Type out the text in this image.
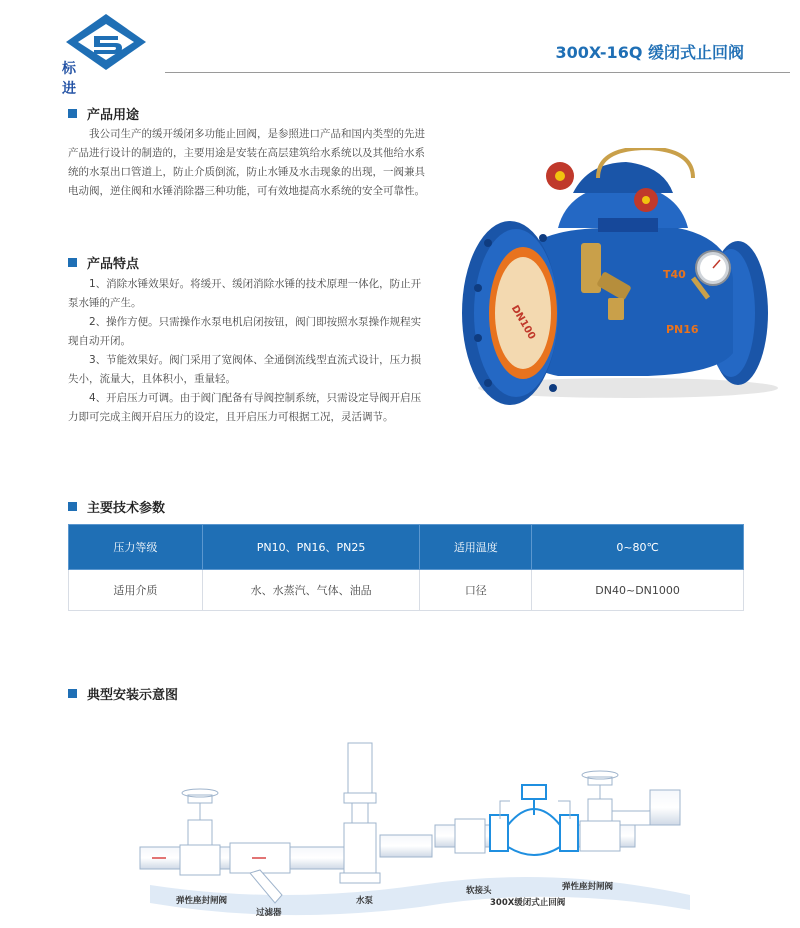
标 进
300X-16Q 缓闭式止回阀
产品用途

我公司生产的缓开缓闭多功能止回阀，是参照进口产品和国内类型的先进产品进行设计的制造的，主要用途是安装在高层建筑给水系统以及其他给水系统的水泵出口管道上，防止介质倒流，防止水锤及水击现象的出现，一阀兼具电动阀，逆住阀和水锤消除器三种功能，可有效地提高水系统的安全可靠性。

产品特点

1、消除水锤效果好。将缓开、缓闭消除水锤的技术原理一体化，防止开泵水锤的产生。

2、操作方便。只需操作水泵电机启闭按钮，阀门即按照水泵操作规程实现自动开闭。

3、节能效果好。阀门采用了宽阀体、全通倒流线型直流式设计，压力损失小，流量大，且体积小，重量轻。

4、开启压力可调。由于阀门配备有导阀控制系统，只需设定导阀开启压力即可完成主阀开启压力的设定，且开启压力可根据工况，灵活调节。

DN100
T40
PN16
主要技术参数
压力等级	PN10、PN16、PN25	适用温度	0~80℃
适用介质	水、水蒸汽、气体、油品	口径	DN40~DN1000
典型安装示意图
弹性座封闸阀
过滤器
水泵
软接头
300X缓闭式止回阀
弹性座封闸阀
